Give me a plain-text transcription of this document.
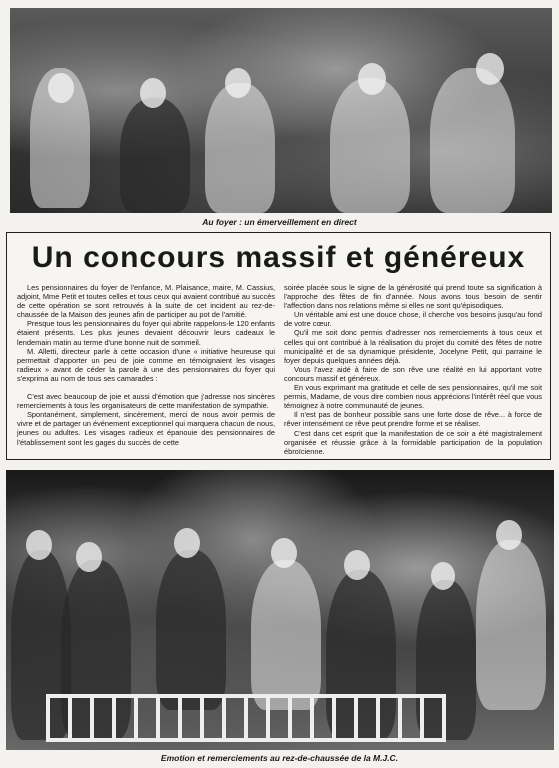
Au foyer : un émerveillement en direct
Un concours massif et généreux

Les pensionnaires du foyer de l'enfance, M. Plaisance, maire, M. Cassius, adjoint, Mme Petit et toutes celles et tous ceux qui avaient contribué au succès de cette opération se sont retrouvés à la suite de cet incident au rez-de-chaussée de la Maison des jeunes afin de participer au pot de l'amitié.

Presque tous les pensionnaires du foyer qui abrite rappelons-le 120 enfants étaient présents. Les plus jeunes devaient découvrir leurs cadeaux le lendemain matin au terme d'une bonne nuit de sommeil.

M. Alletti, directeur parle à cette occasion d'une « initiative heureuse qui permettait d'apporter un peu de joie comme en témoignaient les visages radieux » avant de céder la parole à une des pensionnaires du foyer qui s'exprima au nom de tous ses camarades :

C'est avec beaucoup de joie et aussi d'émotion que j'adresse nos sincères remerciements à tous les organisateurs de cette manifestation de sympathie.

Spontanément, simplement, sincèrement, merci de nous avoir permis de vivre et de partager un événement exceptionnel qui marquera chacun de nous, jeunes ou adultes. Les visages radieux et épanouie des pensionnaires de l'établissement sont les gages du succès de cette

soirée placée sous le signe de la générosité qui prend toute sa signification à l'approche des fêtes de fin d'année. Nous avons tous besoin de sentir l'affection dans nos relations même si elles ne sont qu'épisodiques.

Un véritable ami est une douce chose, il cherche vos besoins jusqu'au fond de votre cœur.

Qu'il me soit donc permis d'adresser nos remerciements à tous ceux et celles qui ont contribué à la réalisation du projet du comité des fêtes de notre municipalité et de sa dynamique présidente, Jocelyne Petit, qui parraine le foyer depuis quelques années déjà.

Vous l'avez aidé à faire de son rêve une réalité en lui apportant votre concours massif et généreux.

En vous exprimant ma gratitude et celle de ses pensionnaires, qu'il me soit permis, Madame, de vous dire combien nous apprécions l'intérêt réel que vous témoignez à notre communauté de jeunes.

Il n'est pas de bonheur possible sans une forte dose de rêve... à force de rêver intensément ce rêve peut prendre forme et se réaliser.

C'est dans cet esprit que la manifestation de ce soir a été magistralement organisée et réussie grâce à la formidable participation de la population ébroïcienne.

Emotion et remerciements au rez-de-chaussée de la M.J.C.
